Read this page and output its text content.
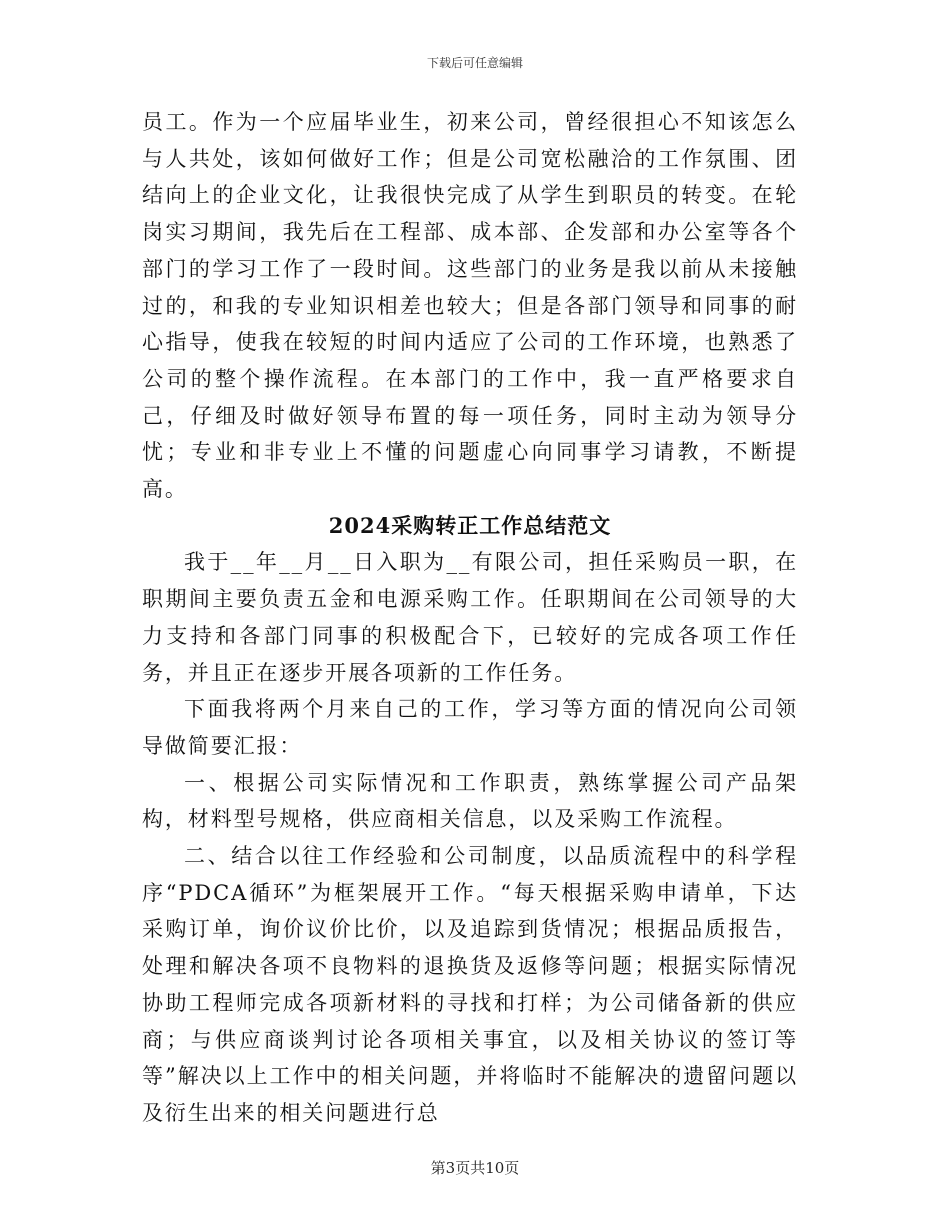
下载后可任意编辑

员工。作为一个应届毕业生，初来公司，曾经很担心不知该怎么与人共处，该如何做好工作；但是公司宽松融洽的工作氛围、团结向上的企业文化，让我很快完成了从学生到职员的转变。在轮岗实习期间，我先后在工程部、成本部、企发部和办公室等各个部门的学习工作了一段时间。这些部门的业务是我以前从未接触过的，和我的专业知识相差也较大；但是各部门领导和同事的耐心指导，使我在较短的时间内适应了公司的工作环境，也熟悉了公司的整个操作流程。在本部门的工作中，我一直严格要求自己，仔细及时做好领导布置的每一项任务，同时主动为领导分忧；专业和非专业上不懂的问题虚心向同事学习请教，不断提高。

2024采购转正工作总结范文

我于__年__月__日入职为__有限公司，担任采购员一职，在职期间主要负责五金和电源采购工作。任职期间在公司领导的大力支持和各部门同事的积极配合下，已较好的完成各项工作任务，并且正在逐步开展各项新的工作任务。

下面我将两个月来自己的工作，学习等方面的情况向公司领导做简要汇报：

一、根据公司实际情况和工作职责，熟练掌握公司产品架构，材料型号规格，供应商相关信息，以及采购工作流程。

二、结合以往工作经验和公司制度，以品质流程中的科学程序“PDCA循环”为框架展开工作。“每天根据采购申请单，下达采购订单，询价议价比价，以及追踪到货情况；根据品质报告，处理和解决各项不良物料的退换货及返修等问题；根据实际情况协助工程师完成各项新材料的寻找和打样；为公司储备新的供应商；与供应商谈判讨论各项相关事宜，以及相关协议的签订等等”解决以上工作中的相关问题，并将临时不能解决的遗留问题以及衍生出来的相关问题进行总

第3页共10页
